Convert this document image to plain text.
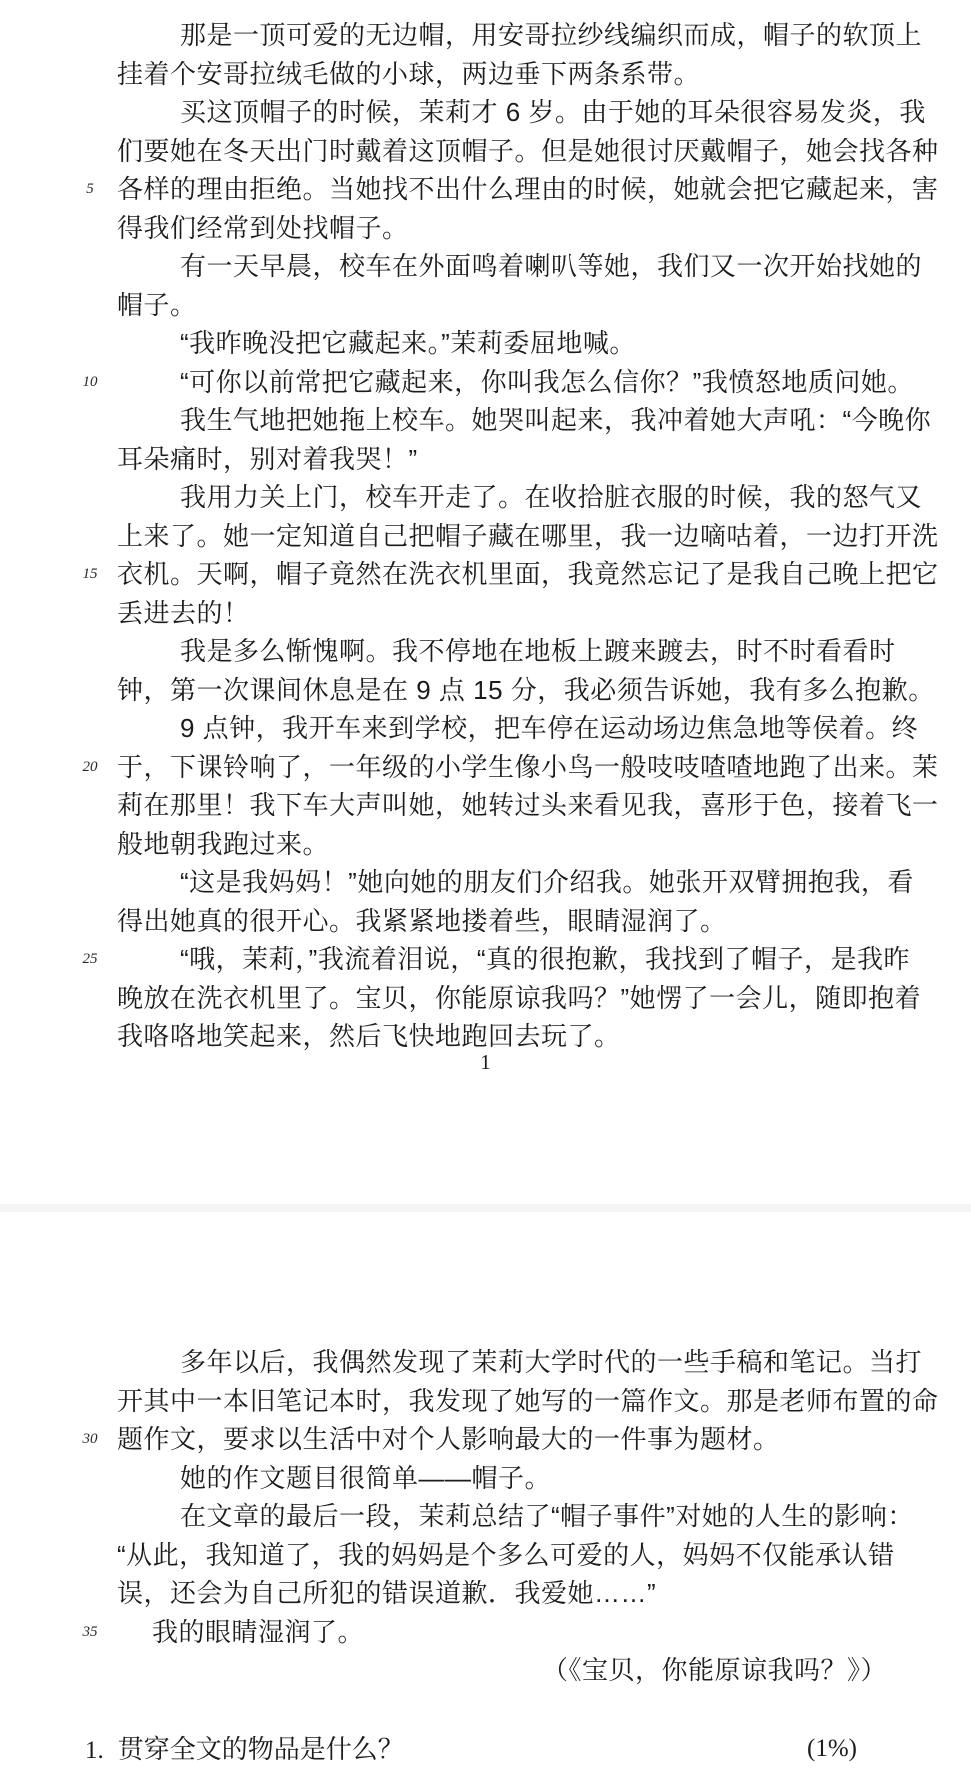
那是一顶可爱的无边帽，用安哥拉纱线编织而成，帽子的软顶上
挂着个安哥拉绒毛做的小球，两边垂下两条系带。
买这顶帽子的时候，茉莉才 6 岁。由于她的耳朵很容易发炎，我
们要她在冬天出门时戴着这顶帽子。但是她很讨厌戴帽子，她会找各种
5 各样的理由拒绝。当她找不出什么理由的时候，她就会把它藏起来，害
得我们经常到处找帽子。
有一天早晨，校车在外面鸣着喇叭等她，我们又一次开始找她的
帽子。
“我昨晚没把它藏起来。”茉莉委屈地喊。
10	“可你以前常把它藏起来，你叫我怎么信你？”我愤怒地质问她。
我生气地把她拖上校车。她哭叫起来，我冲着她大声吼：“今晚你
耳朵痛时，别对着我哭！”
我用力关上门，校车开走了。在收拾脏衣服的时候，我的怒气又
上来了。她一定知道自己把帽子藏在哪里，我一边嘀咕着，一边打开洗
15 衣机。天啊，帽子竟然在洗衣机里面，我竟然忘记了是我自己晚上把它
丢进去的！
我是多么惭愧啊。我不停地在地板上踱来踱去，时不时看看时
钟，第一次课间休息是在 9 点 15 分，我必须告诉她，我有多么抱歉。
9 点钟，我开车来到学校，把车停在运动场边焦急地等侯着。终
20 于，下课铃响了，一年级的小学生像小鸟一般吱吱喳喳地跑了出来。茉
莉在那里！我下车大声叫她，她转过头来看见我，喜形于色，接着飞一
般地朝我跑过来。
“这是我妈妈！”她向她的朋友们介绍我。她张开双臂拥抱我，看
得出她真的很开心。我紧紧地搂着些，眼睛湿润了。
25	“哦，茉莉，”我流着泪说，“真的很抱歉，我找到了帽子，是我昨
晚放在洗衣机里了。宝贝，你能原谅我吗？”她愣了一会儿，随即抱着
我咯咯地笑起来，然后飞快地跑回去玩了。
1
多年以后，我偶然发现了茉莉大学时代的一些手稿和笔记。当打
开其中一本旧笔记本时，我发现了她写的一篇作文。那是老师布置的命
30 题作文，要求以生活中对个人影响最大的一件事为题材。
她的作文题目很简单——帽子。
在文章的最后一段，茉莉总结了“帽子事件”对她的人生的影响：
“从此，我知道了，我的妈妈是个多么可爱的人，妈妈不仅能承认错
误，还会为自己所犯的错误道歉．我爱她……”
35	我的眼睛湿润了。
（《宝贝，你能原谅我吗？》）
1. 贯穿全文的物品是什么？	(1%)
